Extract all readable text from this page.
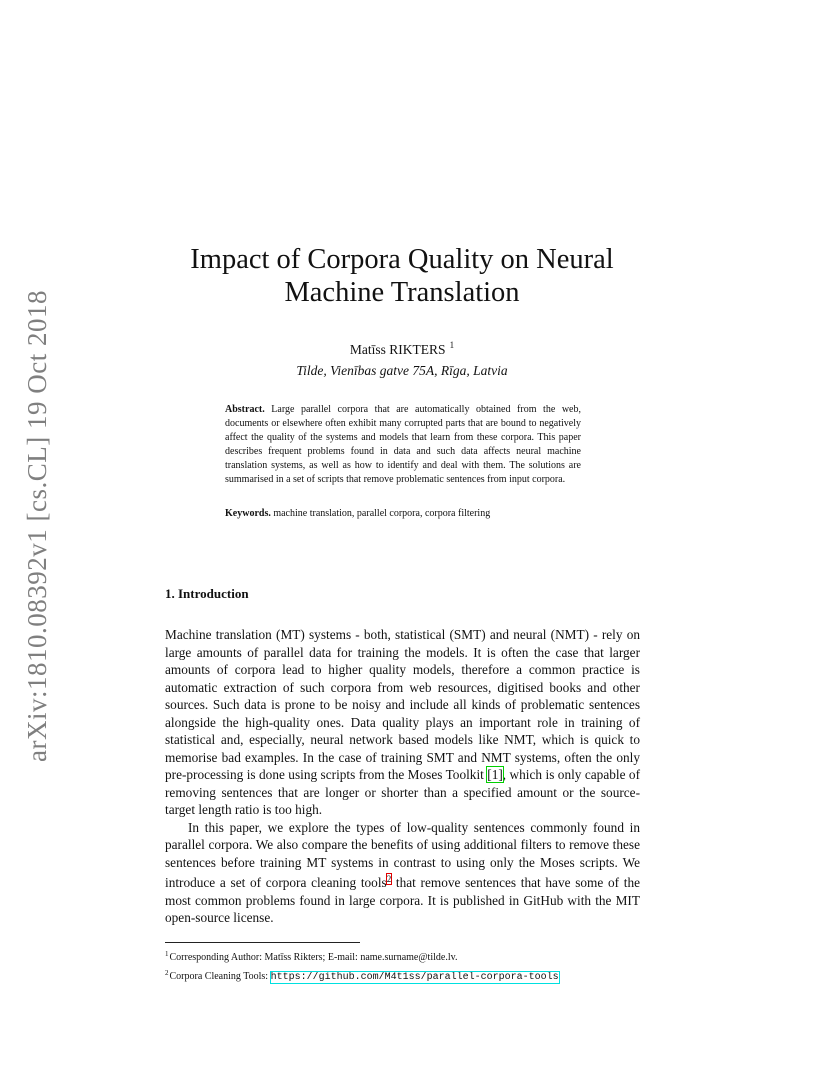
arXiv:1810.08392v1 [cs.CL] 19 Oct 2018
Impact of Corpora Quality on Neural
Machine Translation
Matīss RIKTERS $^1$
Tilde, Vienības gatve 75A, Rīga, Latvia
Abstract. Large parallel corpora that are automatically obtained from the web, documents or elsewhere often exhibit many corrupted parts that are bound to negatively affect the quality of the systems and models that learn from these corpora. This paper describes frequent problems found in data and such data affects neural machine translation systems, as well as how to identify and deal with them. The solutions are summarised in a set of scripts that remove problematic sentences from input corpora.
Keywords. machine translation, parallel corpora, corpora filtering
1. Introduction

Machine translation (MT) systems - both, statistical (SMT) and neural (NMT) - rely on large amounts of parallel data for training the models. It is often the case that larger amounts of corpora lead to higher quality models, therefore a common practice is automatic extraction of such corpora from web resources, digitised books and other sources. Such data is prone to be noisy and include all kinds of problematic sentences alongside the high-quality ones. Data quality plays an important role in training of statistical and, especially, neural network based models like NMT, which is quick to memorise bad examples. In the case of training SMT and NMT systems, often the only pre-processing is done using scripts from the Moses Toolkit [1], which is only capable of removing sentences that are longer or shorter than a specified amount or the source-target length ratio is too high.

In this paper, we explore the types of low-quality sentences commonly found in parallel corpora. We also compare the benefits of using additional filters to remove these sentences before training MT systems in contrast to using only the Moses scripts. We introduce a set of corpora cleaning tools$^2$ that remove sentences that have some of the most common problems found in large corpora. It is published in GitHub with the MIT open-source license.

$^1$Corresponding Author: Matīss Rikters; E-mail: name.surname@tilde.lv.
$^2$Corpora Cleaning Tools: https://github.com/M4t1ss/parallel-corpora-tools
